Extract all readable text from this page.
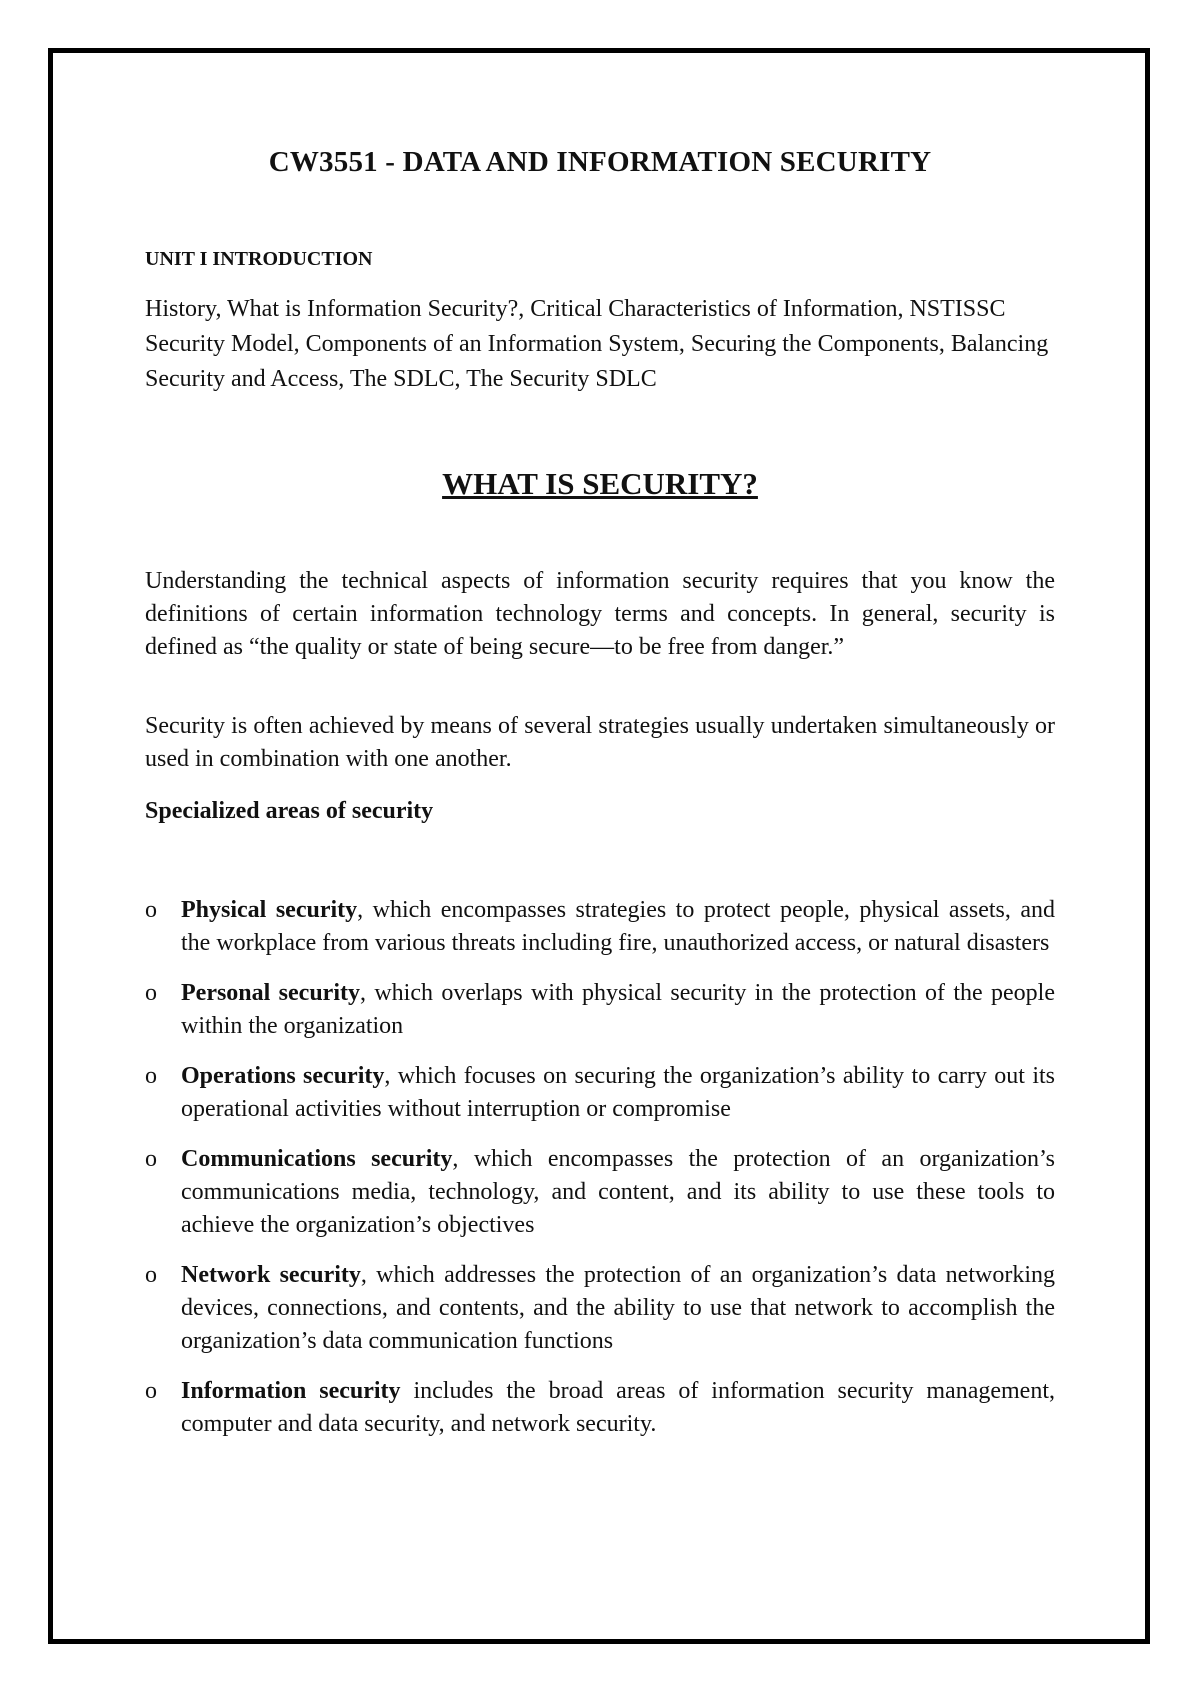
CW3551 - DATA AND INFORMATION SECURITY
UNIT I INTRODUCTION

History, What is Information Security?, Critical Characteristics of Information, NSTISSC Security Model, Components of an Information System, Securing the Components, Balancing Security and Access, The SDLC, The Security SDLC

WHAT IS SECURITY?

Understanding the technical aspects of information security requires that you know the definitions of certain information technology terms and concepts. In general, security is defined as “the quality or state of being secure—to be free from danger.”

Security is often achieved by means of several strategies usually undertaken simultaneously or used in combination with one another.

Specialized areas of security
o Physical security, which encompasses strategies to protect people, physical assets, and the workplace from various threats including fire, unauthorized access, or natural disasters
o Personal security, which overlaps with physical security in the protection of the people within the organization
o Operations security, which focuses on securing the organization’s ability to carry out its operational activities without interruption or compromise
o Communications security, which encompasses the protection of an organization’s communications media, technology, and content, and its ability to use these tools to achieve the organization’s objectives
o Network security, which addresses the protection of an organization’s data networking devices, connections, and contents, and the ability to use that network to accomplish the organization’s data communication functions
o Information security includes the broad areas of information security management, computer and data security, and network security.
